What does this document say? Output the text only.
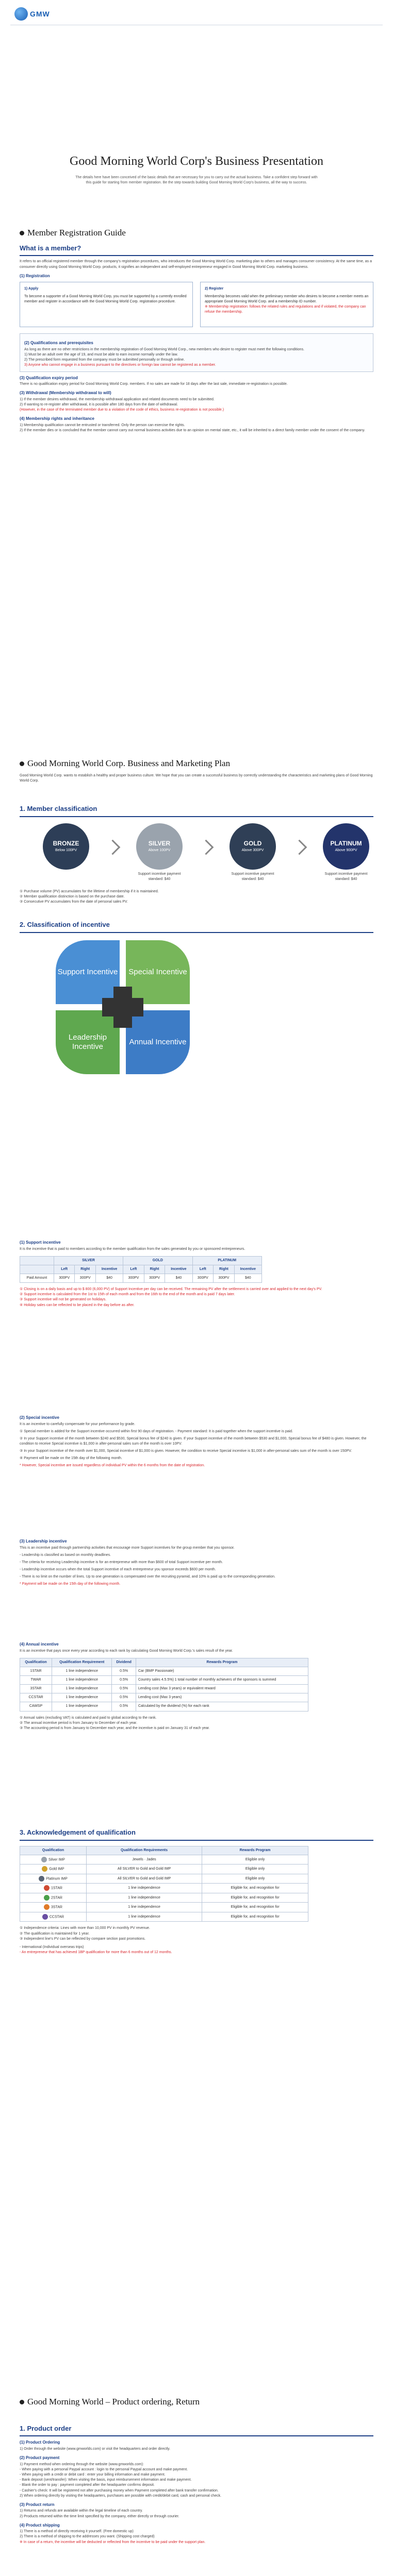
GMW
Good Morning World Corp's Business Presentation
The details here have been conceived of the basic details that are necessary for you to carry out the actual business. Take a confident step forward with this guide for starting from member registration. Be the step towards building Good Morning World Corp's business, all the way to success.
Member Registration Guide
What is a member?
It refers to an official registered member through the company's registration procedures, who introduces the Good Morning World Corp. marketing plan to others and manages consumer consistency. At the same time, as a consumer directly using Good Morning World Corp. products, it signifies an independent and self-employed entrepreneur engaged in Good Morning World Corp. marketing business.
(1) Registration
1) Apply
To become a supporter of a Good Morning World Corp, you must be supported by a currently enrolled member and register in accordance with the Good Morning World Corp. registration procedure.
2) Register
Membership becomes valid when the preliminary member who desires to become a member meets an appropriate Good Morning World Corp. and a membership ID number.
※ Membership registration: follows the related rules and regulations and if violated, the company can refuse the membership.
(2) Qualifications and prerequisites
As long as there are no other restrictions in the membership registration of Good Morning World Corp., new members who desire to register must meet the following conditions.
1) Must be an adult over the age of 19, and must be able to earn income normally under the law.
2) The prescribed form requested from the company must be submitted personally or through online.
3) Anyone who cannot engage in a business pursuant to the directives or foreign law cannot be registered as a member.
(3) Qualification expiry period
There is no qualification expiry period for Good Morning World Corp. members. If no sales are made for 18 days after the last sale, immediate re-registration is possible.
(3) Withdrawal (Membership withdrawal to will)
1) If the member desires withdrawal, the membership withdrawal application and related documents need to be submitted.
2) If wanting to re-register after withdrawal, it is possible after 180 days from the date of withdrawal.
(However, in the case of the terminated member due to a violation of the code of ethics, business re-registration is not possible.)
(4) Membership rights and inheritance
1) Membership qualification cannot be entrusted or transferred. Only the person can exercise the rights.
2) If the member dies or is concluded that the member cannot carry out normal business activities due to an opinion on mental state, etc., it will be inherited to a direct family member under the consent of the company.
Good Morning World Corp. Business and Marketing Plan
Good Morning World Corp. wants to establish a healthy and proper business culture. We hope that you can create a successful business by correctly understanding the characteristics and marketing plans of Good Morning World Corp.
1. Member classification
BRONZE
Below 100PV
SILVER
Above 100PV
Support incentive payment standard: $40
GOLD
Above 300PV
Support incentive payment standard: $40
PLATINUM
Above 900PV
Support incentive payment standard: $40
① Purchase volume (PV) accumulates for the lifetime of membership if it is maintained.
② Member qualification distinction is based on the purchase date.
③ Consecutive PV accumulates from the date of personal sales PV.
2. Classification of incentive
Support Incentive	Special Incentive
Leadership Incentive
Annual Incentive
(1) Support incentive
It is the incentive that is paid to members according to the member qualification from the sales generated by you or sponsored entrepreneurs.
	SILVER			GOLD			PLATINUM		
	Left	Right	Incentive	Left	Right	Incentive	Left	Right	Incentive
Paid Amount	300PV	300PV	$40	300PV	300PV	$40	300PV	300PV	$40
① Closing is on a daily basis and up to $ 800 (6,000 PV) of Support Incentive per day can be received. The remaining PV after the settlement is carried over and applied to the next day's PV.
② Support incentive is calculated from the 1st to 15th of each month and from the 16th to the end of the month and is paid 7 days later.
③ Support incentive will not be generated on holidays.
④ Holiday sales can be reflected to be placed in the day before as after.
(2) Special incentive
It is an incentive to carefully compensate for your performance by grade.
① Special member is added for the Support incentive occurred within first 90 days of registration. - Payment standard: It is paid together when the support incentive is paid.
② In your Support incentive of the month between $240 and $530, Special bonus fee of $240 is given. If your Support incentive of the month between $530 and $1,000, Special bonus fee of $480 is given. However, the condition to receive Special incentive is $1,000 in after-personal sales sum of the month is over 10PV.
③ In your Support incentive of the month over $1,000, Special incentive of $1,000 is given. However, the condition to receive Special incentive is $1,000 in after-personal sales sum of the month is over 150PV.
④ Payment will be made on the 15th day of the following month.
* However, Special incentive are issued regardless of individual PV within the 6 months from the date of registration.
(3) Leadership incentive
This is an incentive paid through partnership activities that encourage more Support incentives for the group member that you sponsor.
- Leadership is classified as based on monthly deadlines.
- The criteria for receiving Leadership incentive is for an entrepreneur with more than $600 of total Support incentive per month.
- Leadership incentive occurs when the total Support incentive of each entrepreneur you sponsor exceeds $600 per month.
- There is no limit on the number of lines. Up to one generation is compensated over the recruiting pyramid, and 10% is paid up to the corresponding generation.
* Payment will be made on the 15th day of the following month.
(4) Annual incentive
It is an incentive that pays once every year according to each rank by calculating Good Morning World Corp.'s sales result of the year.
Qualification	Qualification Requirement	Dividend	Rewards Program
1STAR	1 line independence	0.5%	Car (BMP Passionate)
TWAR	1 line independence	0.5%	Country sales 4.5.5%) 1 total number of monthly achievers of the sponsors is summed
3STAR	1 line independence	0.5%	Lending cost (Max 3 years) or equivalent reward
CCSTAR	1 line independence	0.5%	Lending cost (Max 3 years)
CAWSP	1 line independence	0.5%	Calculated by the dividend (%) for each rank
① Annual sales (excluding VAT) is calculated and paid to global according to the rank.
② The annual incentive period is from January to December of each year.
③ The accounting period is from January to December each year, and the incentive is paid on January 31 of each year.
3. Acknowledgement of qualification
Qualification	Qualification Requirements	Rewards Program
Silver IMP	Jewels · Jades	Eligible only
Gold IMP	All SILVER to Gold and Gold IMP	Eligible only
Platinum IMP	All SILVER to Gold and Gold IMP	Eligible only
1STAR	1 line independence	Eligible for, and recognition for
2STAR	1 line independence	Eligible for, and recognition for
3STAR	1 line independence	Eligible for, and recognition for
CCSTAR	1 line independence	Eligible for, and recognition for
① Independence criteria: Lines with more than 10,000 PV in monthly PV revenue.
② The qualification is maintained for 1 year.
③ Independent line's PV can be reflected by compare section past promotions.
- International (Individual overseas trips)
- An entrepreneur that has achieved 1BP qualification for more than 6 months out of 12 months.
Good Morning World – Product ordering, Return
1. Product order
(1) Product Ordering
1) Order through the website (www.gmworlds.com) or visit the headquarters and order directly.
(2) Product payment
1) Payment method when ordering through the website (www.gmworlds.com):
- When paying with a personal Paypal account : login to the personal Paypal account and make payment.
- When paying with a credit or debit card : enter your billing information and make payment.
- Bank deposit (sent/transfer): When visiting the basis, input reimbursement information and make payment.
- Blank the order to pay : payment completed after the headquarter confirms deposit.
- Cashier's check: It will be registered not after purchasing money when Payment completed after bank transfer confirmation.
2) When ordering directly by visiting the headquarters, purchases are possible with credit/debit card, cash and personal check.
(3) Product return
1) Returns and refunds are available within the legal timeline of each country.
2) Products returned within the time limit specified by the company, either directly or through courier.
(4) Product shipping
1) There is a method of directly receiving it yourself. (Free domestic up)
2) There is a method of shipping to the addresses you want. (Shipping cost charged)
※ In case of a return, the incentive will be deducted or reflected from the incentive to be paid under the support plan.
